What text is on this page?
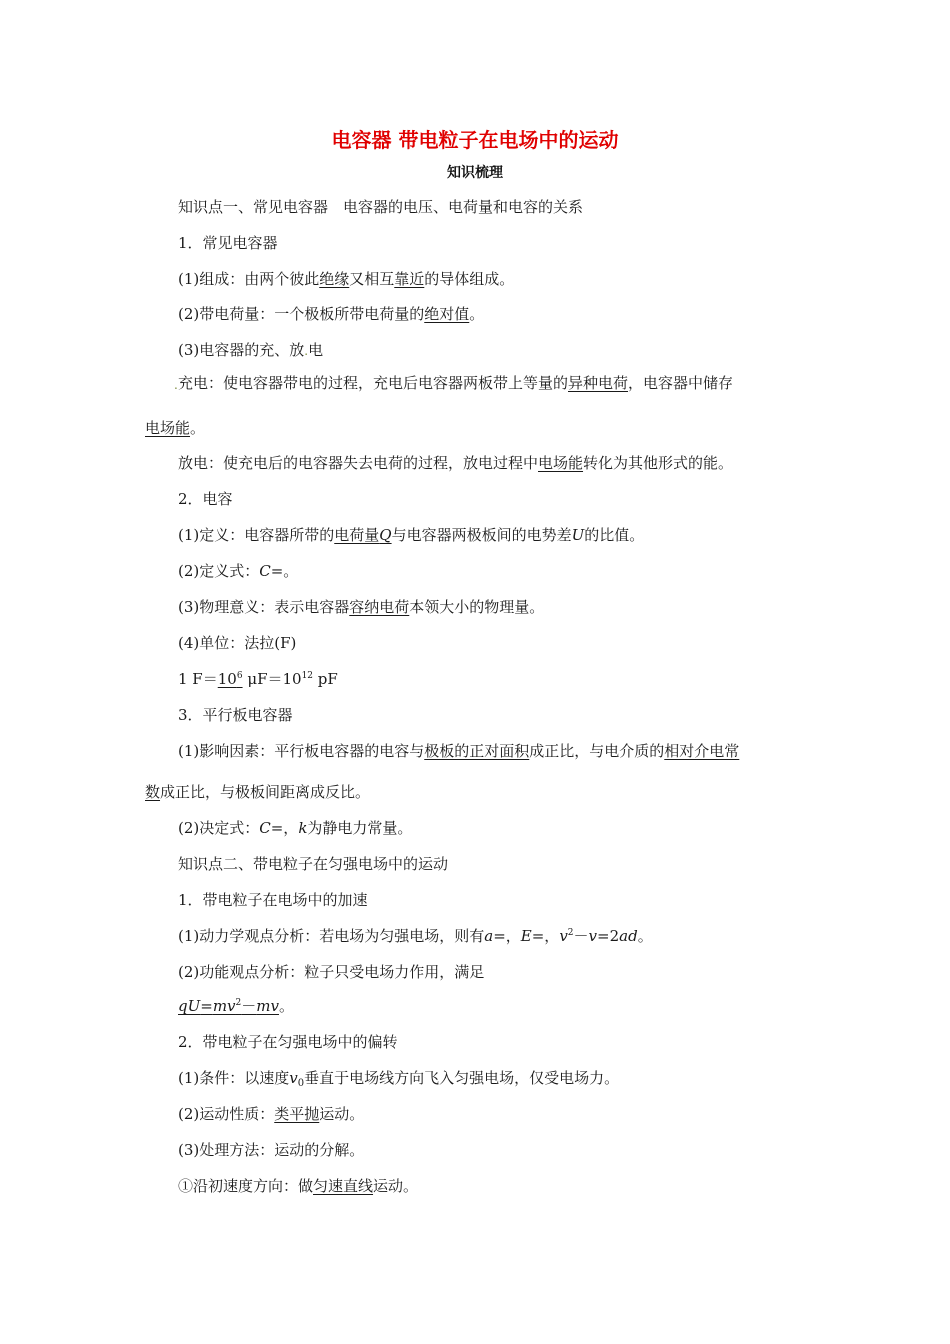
电容器 带电粒子在电场中的运动
知识梳理
知识点一、常见电容器　电容器的电压、电荷量和电容的关系
1．常见电容器
(1)组成：由两个彼此绝缘又相互靠近的导体组成。
(2)带电荷量：一个极板所带电荷量的绝对值。
(3)电容器的充、放.电
. 充电：使电容器带电的过程，充电后电容器两板带上等量的异种电荷，电容器中储存
电场能。
放电：使充电后的电容器失去电荷的过程，放电过程中电场能转化为其他形式的能。
2．电容
(1)定义：电容器所带的电荷量Q与电容器两极板间的电势差U的比值。
(2)定义式：C=。
(3)物理意义：表示电容器容纳电荷本领大小的物理量。
(4)单位：法拉(F)
1 $F=10^6$ $\mu F=10^{12}$ pF
3．平行板电容器
(1)影响因素：平行板电容器的电容与极板的正对面积成正比，与电介质的相对介电常
数成正比，与极板间距离成反比。
(2)决定式：C=，k为静电力常量。
知识点二、带电粒子在匀强电场中的运动
1．带电粒子在电场中的加速
(1)动力学观点分析：若电场为匀强电场，则有a=，E=，$v^2-v=2ad$。
(2)功能观点分析：粒子只受电场力作用，满足
$qU=mv^2-mv$。
2．带电粒子在匀强电场中的偏转
(1)条件：以速度$v_0$垂直于电场线方向飞入匀强电场，仅受电场力。
(2)运动性质：类平抛运动。
(3)处理方法：运动的分解。
①沿初速度方向：做匀速直线运动。
